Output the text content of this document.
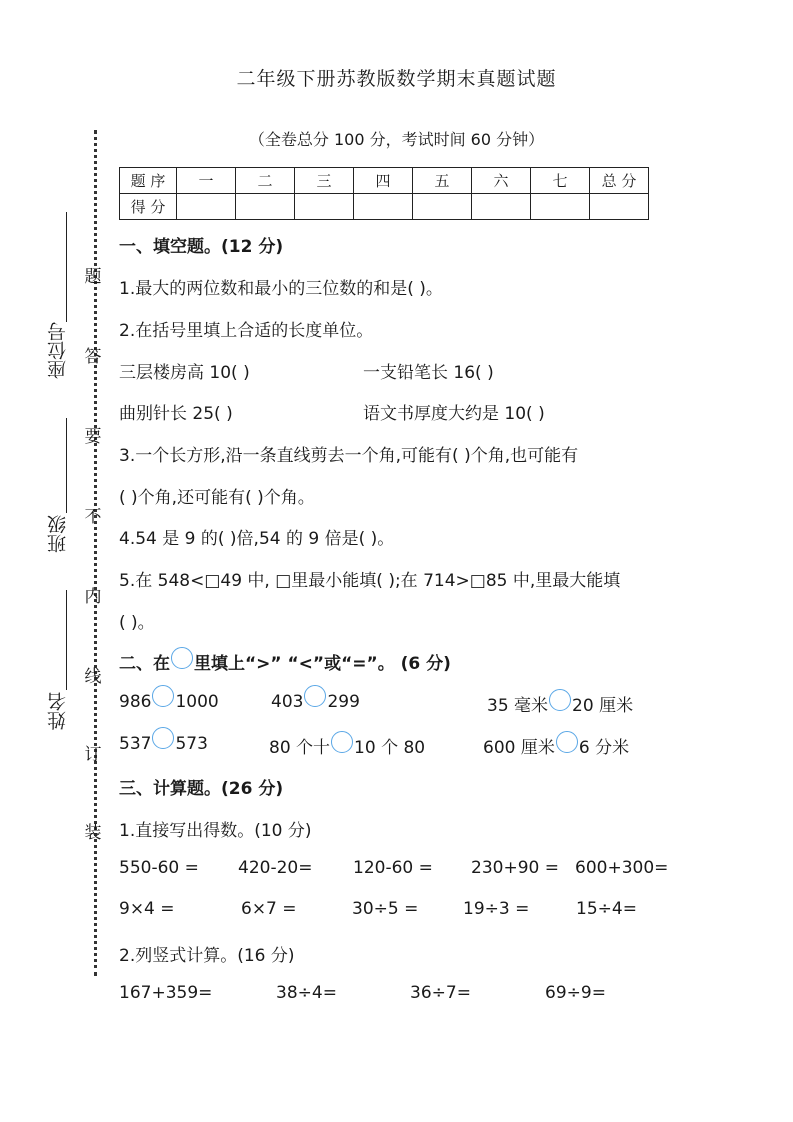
二年级下册苏教版数学期末真题试题
（全卷总分 100 分，考试时间 60 分钟）
题
答
要
不
内
线
订
装
座位号
班级
姓名
题 序	一	二	三	四	五	六	七	总 分
得 分								
一、填空题。(12 分)
1.最大的两位数和最小的三位数的和是( )。
2.在括号里填上合适的长度单位。
三层楼房高 10( )	一支铅笔长 16( )
曲别针长 25( )	语文书厚度大约是 10( )
3.一个长方形,沿一条直线剪去一个角,可能有( )个角,也可能有
( )个角,还可能有( )个角。
4.54 是 9 的( )倍,54 的 9 倍是( )。
5.在 548<□49 中, □里最小能填( );在 714>□85 中,里最大能填
( )。
二、在 里填上“>” “<”或“=”。 (6 分)
986 1000	403 299	35 毫米 20 厘米
537 573	80 个十 10 个 80	600 厘米 6 分米
三、计算题。(26 分)
1.直接写出得数。(10 分)
550-60 = 420-20= 120-60 = 230+90 = 600+300=
9×4 =	6×7 =	30÷5 =	19÷3 =	15÷4=
2.列竖式计算。(16 分)
167+359=	38÷4=	36÷7=	69÷9=
